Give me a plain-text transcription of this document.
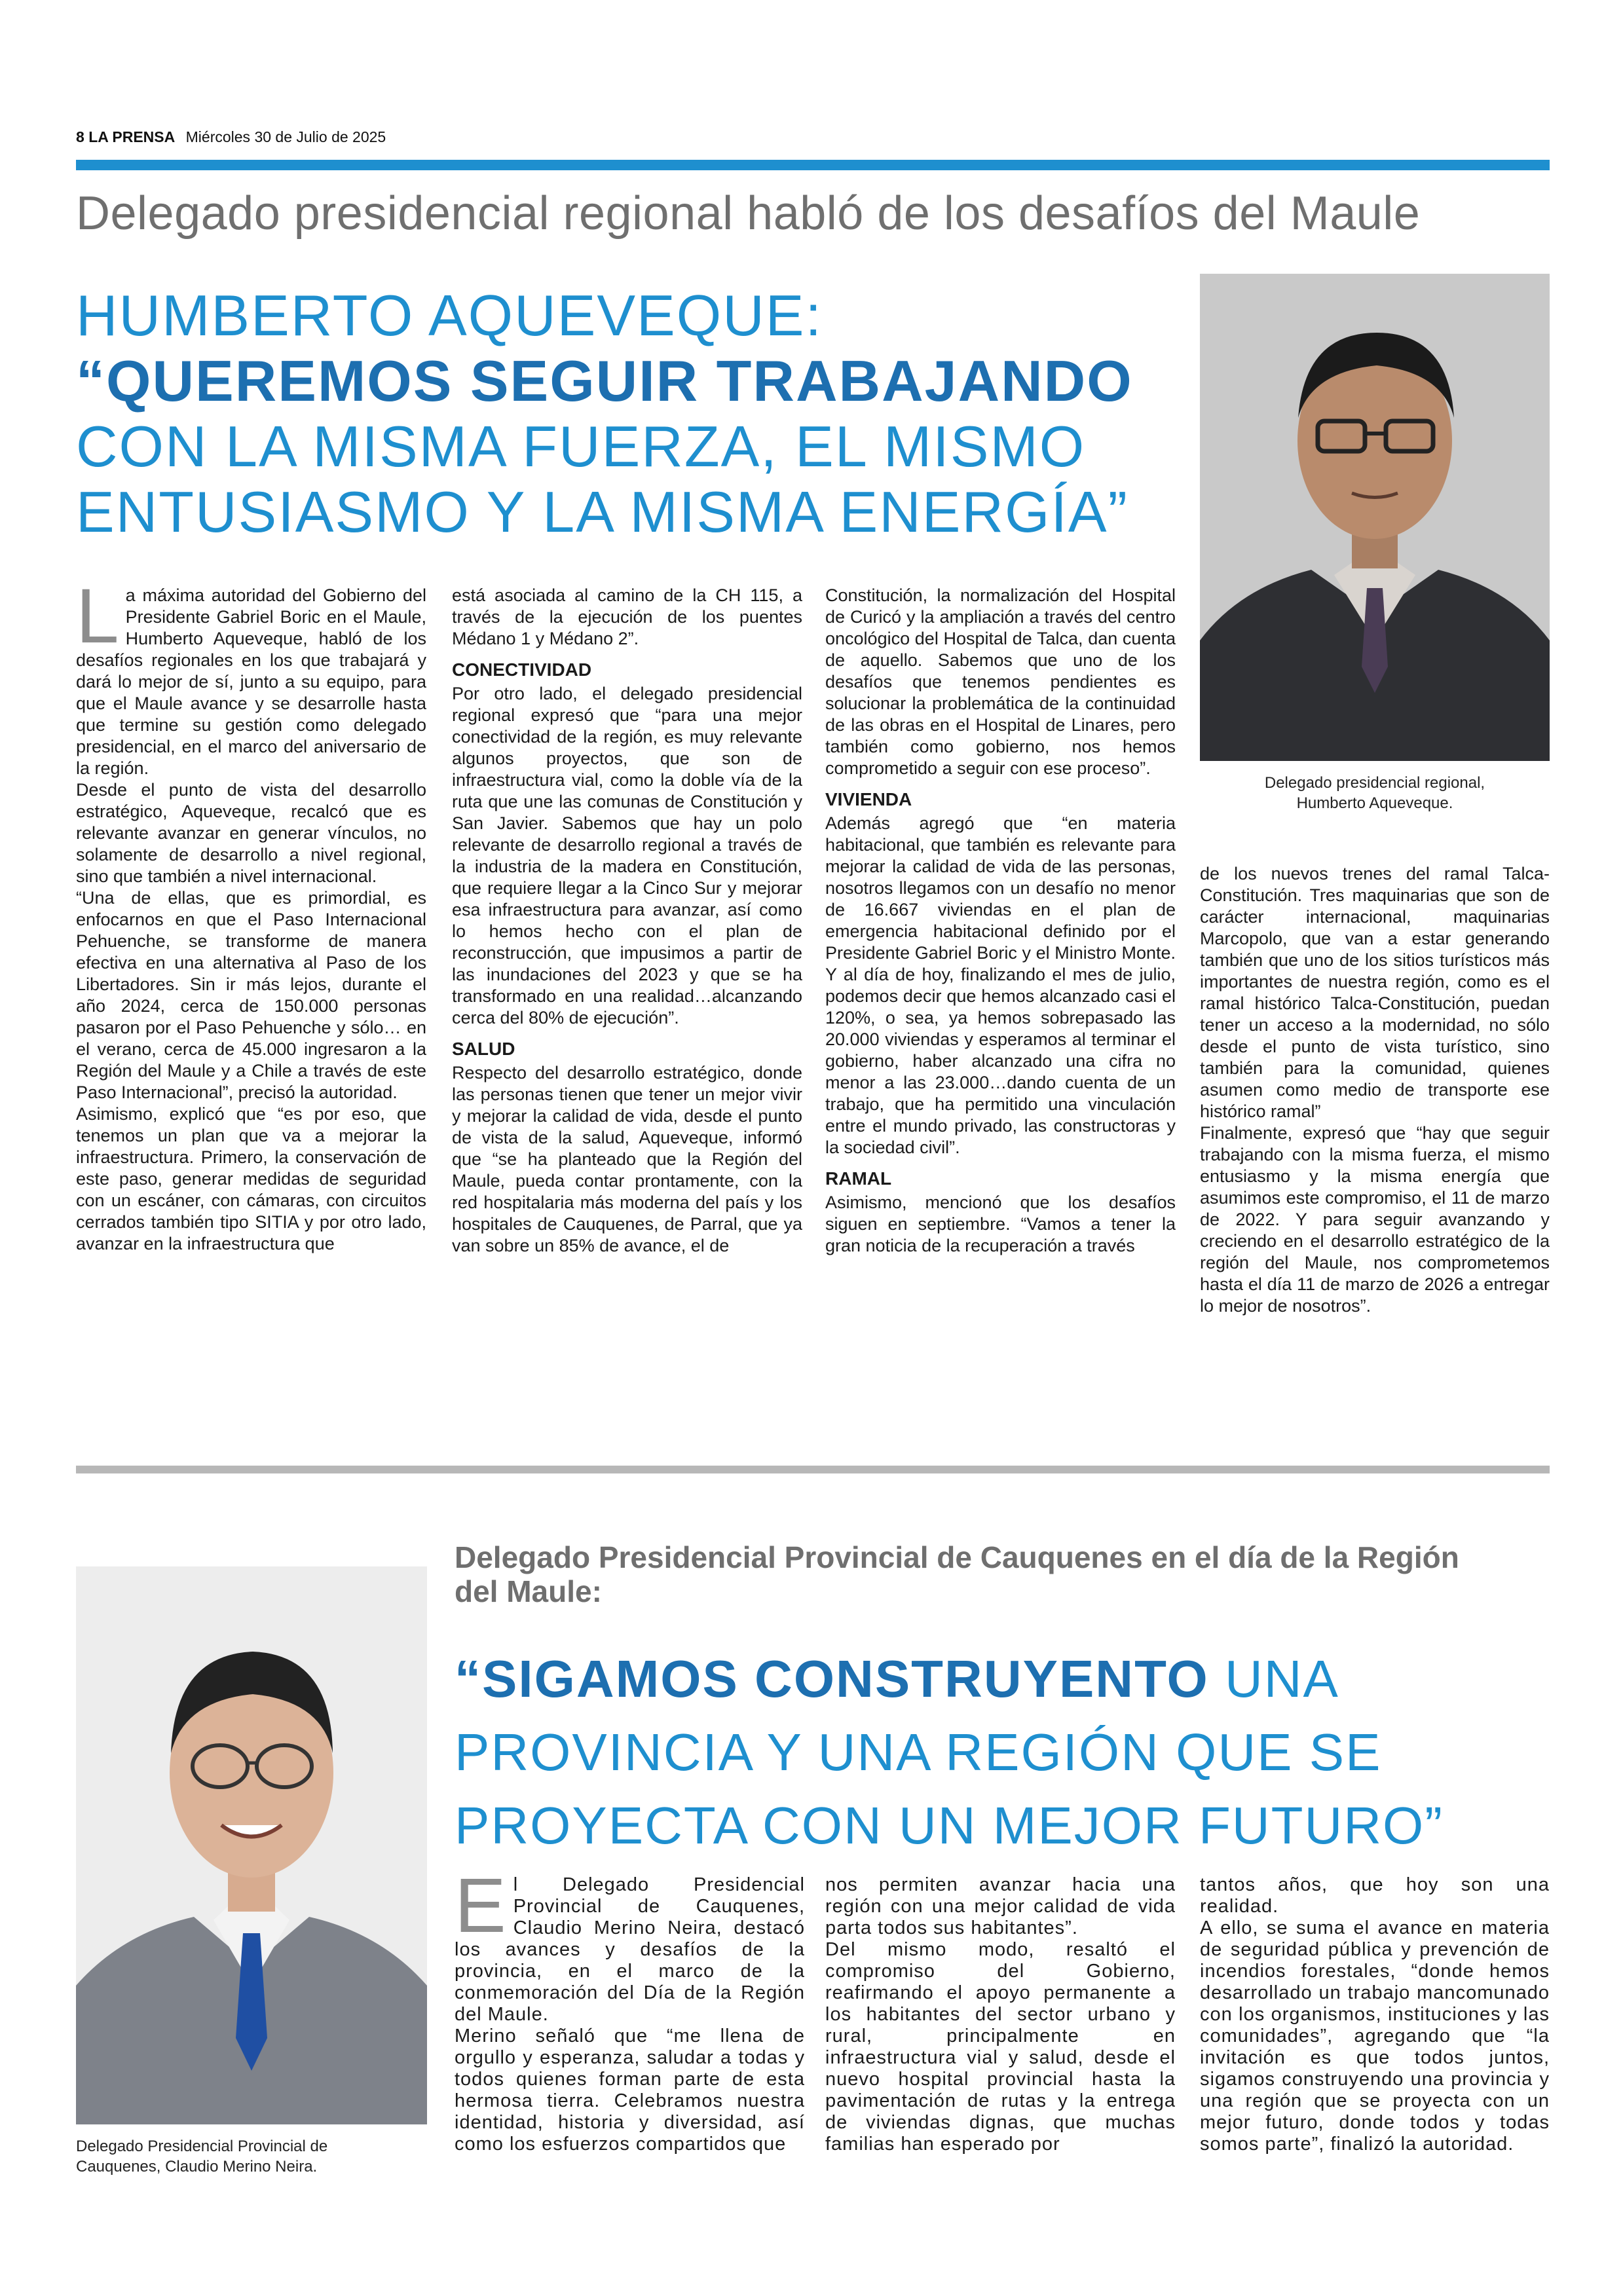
8 LA PRENSA Miércoles 30 de Julio de 2025
Delegado presidencial regional habló de los desafíos del Maule
HUMBERTO AQUEVEQUE:
“QUEREMOS SEGUIR TRABAJANDO
CON LA MISMA FUERZA, EL MISMO
ENTUSIASMO Y LA MISMA ENERGÍA”
Delegado presidencial regional,
Humberto Aqueveque.
L a máxima autoridad del Gobierno del Presidente Gabriel Boric en el Maule, Humberto Aqueveque, habló de los desafíos regionales en los que trabajará y dará lo mejor de sí, junto a su equipo, para que el Maule avance y se desarrolle hasta que termine su gestión como delegado presidencial, en el marco del aniversario de la región.

Desde el punto de vista del desarrollo estratégico, Aqueveque, recalcó que es relevante avanzar en generar vínculos, no solamente de desarrollo a nivel regional, sino que también a nivel internacional.

“Una de ellas, que es primordial, es enfocarnos en que el Paso Internacional Pehuenche, se transforme de manera efectiva en una alternativa al Paso de los Libertadores. Sin ir más lejos, durante el año 2024, cerca de 150.000 personas pasaron por el Paso Pehuenche y sólo… en el verano, cerca de 45.000 ingresaron a la Región del Maule y a Chile a través de este Paso Internacional”, precisó la autoridad.

Asimismo, explicó que “es por eso, que tenemos un plan que va a mejorar la infraestructura. Primero, la conservación de este paso, generar medidas de seguridad con un escáner, con cámaras, con circuitos cerrados también tipo SITIA y por otro lado, avanzar en la infraestructura que

está asociada al camino de la CH 115, a través de la ejecución de los puentes Médano 1 y Médano 2”.

CONECTIVIDAD

Por otro lado, el delegado presidencial regional expresó que “para una mejor conectividad de la región, es muy relevante algunos proyectos, que son de infraestructura vial, como la doble vía de la ruta que une las comunas de Constitución y San Javier. Sabemos que hay un polo relevante de desarrollo regional a través de la industria de la madera en Constitución, que requiere llegar a la Cinco Sur y mejorar esa infraestructura para avanzar, así como lo hemos hecho con el plan de reconstrucción, que impusimos a partir de las inundaciones del 2023 y que se ha transformado en una realidad…alcanzando cerca del 80% de ejecución”.

SALUD

Respecto del desarrollo estratégico, donde las personas tienen que tener un mejor vivir y mejorar la calidad de vida, desde el punto de vista de la salud, Aqueveque, informó que “se ha planteado que la Región del Maule, pueda contar prontamente, con la red hospitalaria más moderna del país y los hospitales de Cauquenes, de Parral, que ya van sobre un 85% de avance, el de

Constitución, la normalización del Hospital de Curicó y la ampliación a través del centro oncológico del Hospital de Talca, dan cuenta de aquello. Sabemos que uno de los desafíos que tenemos pendientes es solucionar la problemática de la continuidad de las obras en el Hospital de Linares, pero también como gobierno, nos hemos comprometido a seguir con ese proceso”.

VIVIENDA

Además agregó que “en materia habitacional, que también es relevante para mejorar la calidad de vida de las personas, nosotros llegamos con un desafío no menor de 16.667 viviendas en el plan de emergencia habitacional definido por el Presidente Gabriel Boric y el Ministro Monte. Y al día de hoy, finalizando el mes de julio, podemos decir que hemos alcanzado casi el 120%, o sea, ya hemos sobrepasado las 20.000 viviendas y esperamos al terminar el gobierno, haber alcanzado una cifra no menor a las 23.000…dando cuenta de un trabajo, que ha permitido una vinculación entre el mundo privado, las constructoras y la sociedad civil”.

RAMAL

Asimismo, mencionó que los desafíos siguen en septiembre. “Vamos a tener la gran noticia de la recuperación a través

de los nuevos trenes del ramal Talca-Constitución. Tres maquinarias que son de carácter internacional, maquinarias Marcopolo, que van a estar generando también que uno de los sitios turísticos más importantes de nuestra región, como es el ramal histórico Talca-Constitución, puedan tener un acceso a la modernidad, no sólo desde el punto de vista turístico, sino también para la comunidad, quienes asumen como medio de transporte ese histórico ramal”

Finalmente, expresó que “hay que seguir trabajando con la misma fuerza, el mismo entusiasmo y la misma energía que asumimos este compromiso, el 11 de marzo de 2022. Y para seguir avanzando y creciendo en el desarrollo estratégico de la región del Maule, nos comprometemos hasta el día 11 de marzo de 2026 a entregar lo mejor de nosotros”.

Delegado Presidencial Provincial de Cauquenes en el día de la Región del Maule:
“SIGAMOS CONSTRUYENTO UNA
PROVINCIA Y UNA REGIÓN QUE SE
PROYECTA CON UN MEJOR FUTURO”
Delegado Presidencial Provincial de
Cauquenes, Claudio Merino Neira.
E l Delegado Presidencial Provincial de Cauquenes, Claudio Merino Neira, destacó los avances y desafíos de la provincia, en el marco de la conmemoración del Día de la Región del Maule.

Merino señaló que “me llena de orgullo y esperanza, saludar a todas y todos quienes forman parte de esta hermosa tierra. Celebramos nuestra identidad, historia y diversidad, así como los esfuerzos compartidos que

nos permiten avanzar hacia una región con una mejor calidad de vida parta todos sus habitantes”.

Del mismo modo, resaltó el compromiso del Gobierno, reafirmando el apoyo permanente a los habitantes del sector urbano y rural, principalmente en infraestructura vial y salud, desde el nuevo hospital provincial hasta la pavimentación de rutas y la entrega de viviendas dignas, que muchas familias han esperado por

tantos años, que hoy son una realidad.

A ello, se suma el avance en materia de seguridad pública y prevención de incendios forestales, “donde hemos desarrollado un trabajo mancomunado con los organismos, instituciones y las comunidades”, agregando que “la invitación es que todos juntos, sigamos construyendo una provincia y una región que se proyecta con un mejor futuro, donde todos y todas somos parte”, finalizó la autoridad.
